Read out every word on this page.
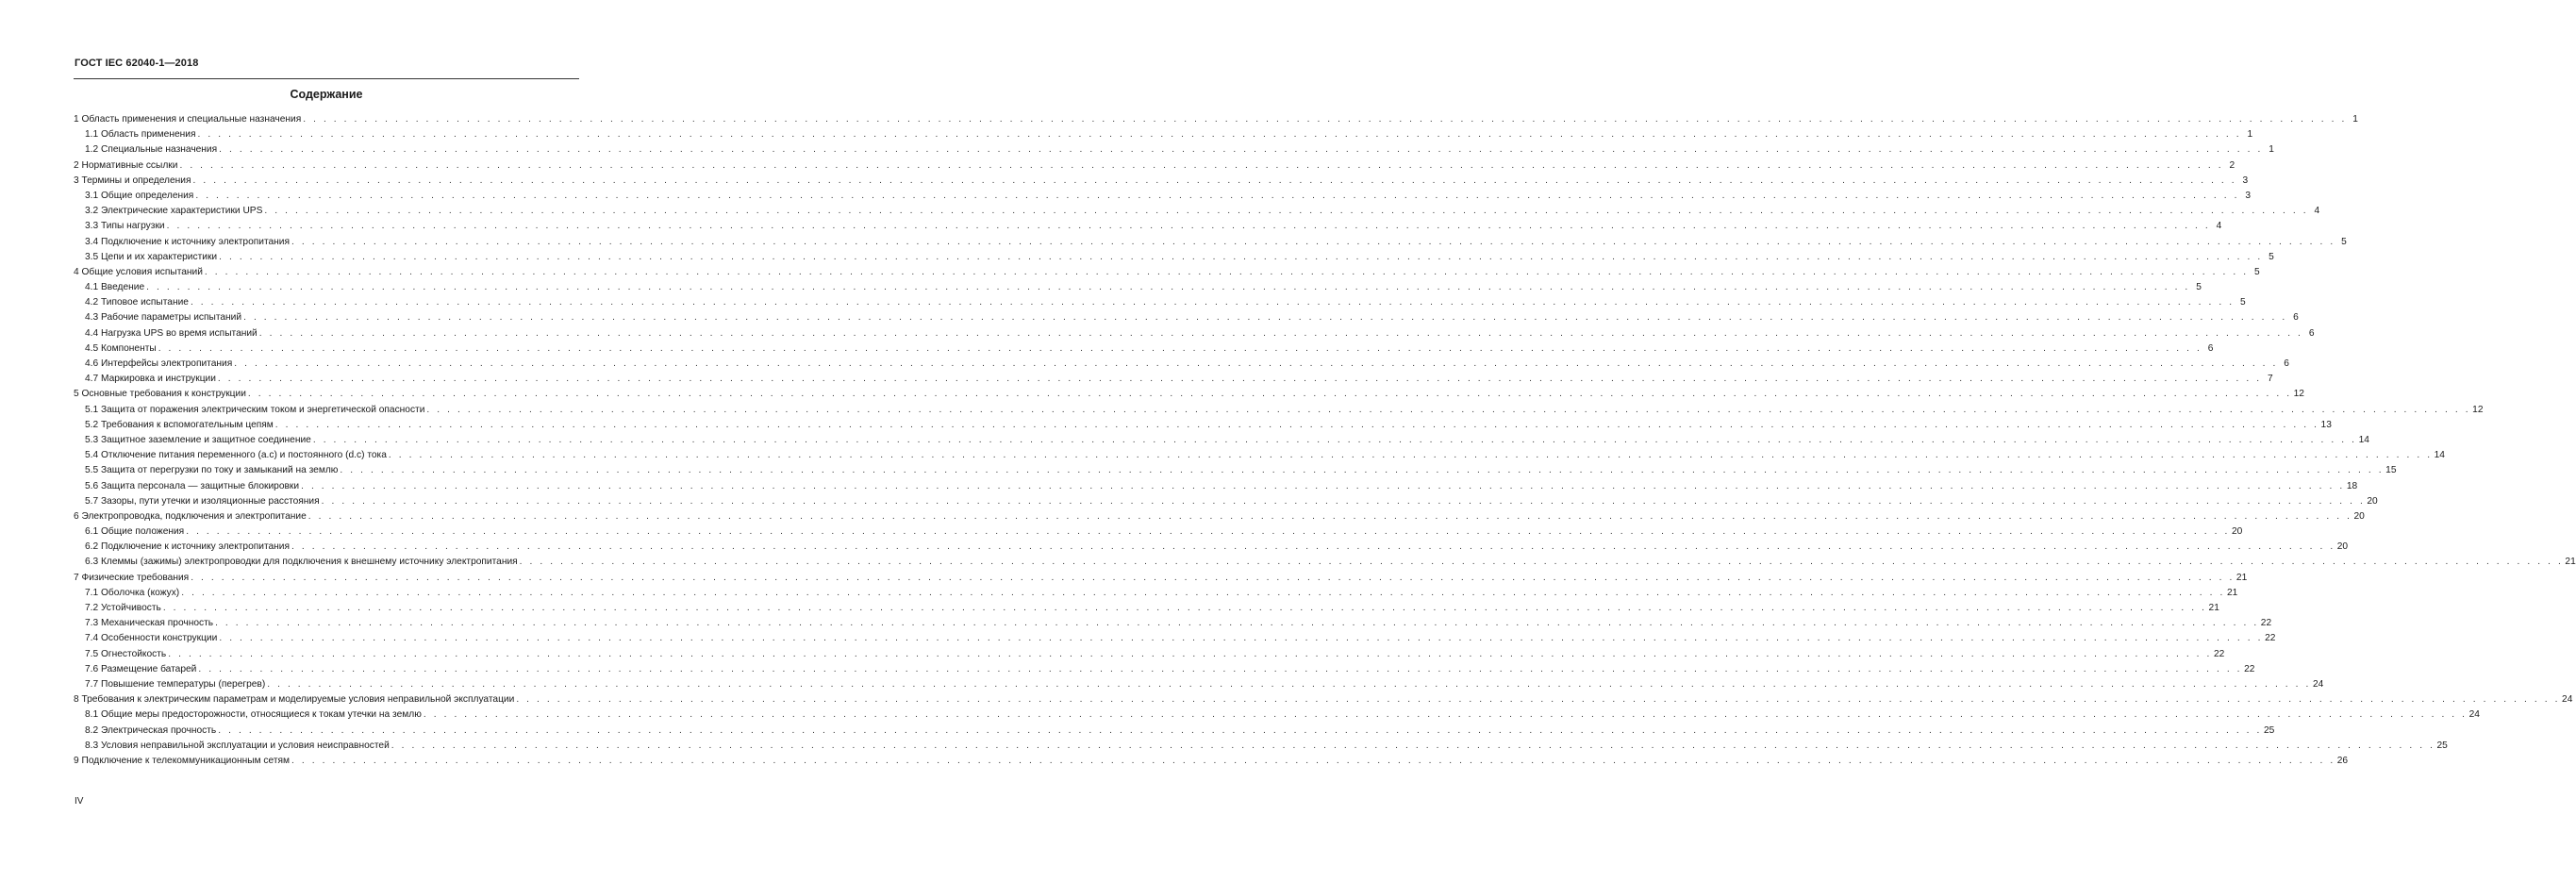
ГОСТ IEC 62040-1—2018
Содержание
1 Область применения и специальные назначения . . . . . . . . . . . . . . . . . . . . . . . . . . . . . . . . . . . . . . . . . . . . . . . . . . . . . . . . . . . . . . . . . . . . . . . . . . . . . . . . . . . . . . . . . . . . . . . . . . . . . . . . . . . . . . . . . . . . . . . . . . . . . . . . . . . . . . . . . . . . . . . . . . . . . . . . . . . . . . . . . . . . . . . . . . . . . . . . . . . . . . . . . . . . . . . . . . . . . . . . 1
1.1 Область применения . . . . . . . . . . . . . . . . . . . . . . . . . . . . . . . . . . . . . . . . . . . . . . . . . . . . . . . . . . . . . . . . . . . . . . . . . . . . . . . . . . . . . . . . . . . . . . . . . . . . . . . . . . . . . . . . . . . . . . . . . . . . . . . . . . . . . . . . . . . . . . . . . . . . . . . . . . . . . . . . . . . . . . . . . . . . . . . . . . . . . . . . . . . . . . . . . . . . . . . . 1
1.2 Специальные назначения . . . . . . . . . . . . . . . . . . . . . . . . . . . . . . . . . . . . . . . . . . . . . . . . . . . . . . . . . . . . . . . . . . . . . . . . . . . . . . . . . . . . . . . . . . . . . . . . . . . . . . . . . . . . . . . . . . . . . . . . . . . . . . . . . . . . . . . . . . . . . . . . . . . . . . . . . . . . . . . . . . . . . . . . . . . . . . . . . . . . . . . . . . . . . . . . . . . . . . . . 1
2 Нормативные ссылки . . . . . . . . . . . . . . . . . . . . . . . . . . . . . . . . . . . . . . . . . . . . . . . . . . . . . . . . . . . . . . . . . . . . . . . . . . . . . . . . . . . . . . . . . . . . . . . . . . . . . . . . . . . . . . . . . . . . . . . . . . . . . . . . . . . . . . . . . . . . . . . . . . . . . . . . . . . . . . . . . . . . . . . . . . . . . . . . . . . . . . . . . . . . . . . . . . . . . . . . 2
3 Термины и определения . . . . . . . . . . . . . . . . . . . . . . . . . . . . . . . . . . . . . . . . . . . . . . . . . . . . . . . . . . . . . . . . . . . . . . . . . . . . . . . . . . . . . . . . . . . . . . . . . . . . . . . . . . . . . . . . . . . . . . . . . . . . . . . . . . . . . . . . . . . . . . . . . . . . . . . . . . . . . . . . . . . . . . . . . . . . . . . . . . . . . . . . . . . . . . . . . . . . . . . . 3
3.1 Общие определения . . . . . . . . . . . . . . . . . . . . . . . . . . . . . . . . . . . . . . . . . . . . . . . . . . . . . . . . . . . . . . . . . . . . . . . . . . . . . . . . . . . . . . . . . . . . . . . . . . . . . . . . . . . . . . . . . . . . . . . . . . . . . . . . . . . . . . . . . . . . . . . . . . . . . . . . . . . . . . . . . . . . . . . . . . . . . . . . . . . . . . . . . . . . . . . . . . . . . . . . 3
3.2 Электрические характеристики UPS . . . . . . . . . . . . . . . . . . . . . . . . . . . . . . . . . . . . . . . . . . . . . . . . . . . . . . . . . . . . . . . . . . . . . . . . . . . . . . . . . . . . . . . . . . . . . . . . . . . . . . . . . . . . . . . . . . . . . . . . . . . . . . . . . . . . . . . . . . . . . . . . . . . . . . . . . . . . . . . . . . . . . . . . . . . . . . . . . . . . . . . . . . . . . . . . . . . . . . . . 4
3.3 Типы нагрузки . . . . . . . . . . . . . . . . . . . . . . . . . . . . . . . . . . . . . . . . . . . . . . . . . . . . . . . . . . . . . . . . . . . . . . . . . . . . . . . . . . . . . . . . . . . . . . . . . . . . . . . . . . . . . . . . . . . . . . . . . . . . . . . . . . . . . . . . . . . . . . . . . . . . . . . . . . . . . . . . . . . . . . . . . . . . . . . . . . . . . . . . . . . . . . . . . . . . . . . . 4
3.4 Подключение к источнику электропитания . . . . . . . . . . . . . . . . . . . . . . . . . . . . . . . . . . . . . . . . . . . . . . . . . . . . . . . . . . . . . . . . . . . . . . . . . . . . . . . . . . . . . . . . . . . . . . . . . . . . . . . . . . . . . . . . . . . . . . . . . . . . . . . . . . . . . . . . . . . . . . . . . . . . . . . . . . . . . . . . . . . . . . . . . . . . . . . . . . . . . . . . . . . . . . . . . . . . . . . . 5
3.5 Цепи и их характеристики . . . . . . . . . . . . . . . . . . . . . . . . . . . . . . . . . . . . . . . . . . . . . . . . . . . . . . . . . . . . . . . . . . . . . . . . . . . . . . . . . . . . . . . . . . . . . . . . . . . . . . . . . . . . . . . . . . . . . . . . . . . . . . . . . . . . . . . . . . . . . . . . . . . . . . . . . . . . . . . . . . . . . . . . . . . . . . . . . . . . . . . . . . . . . . . . . . . . . . . . 5
4 Общие условия испытаний . . . . . . . . . . . . . . . . . . . . . . . . . . . . . . . . . . . . . . . . . . . . . . . . . . . . . . . . . . . . . . . . . . . . . . . . . . . . . . . . . . . . . . . . . . . . . . . . . . . . . . . . . . . . . . . . . . . . . . . . . . . . . . . . . . . . . . . . . . . . . . . . . . . . . . . . . . . . . . . . . . . . . . . . . . . . . . . . . . . . . . . . . . . . . . . . . . . . . . . . 5
4.1 Введение . . . . . . . . . . . . . . . . . . . . . . . . . . . . . . . . . . . . . . . . . . . . . . . . . . . . . . . . . . . . . . . . . . . . . . . . . . . . . . . . . . . . . . . . . . . . . . . . . . . . . . . . . . . . . . . . . . . . . . . . . . . . . . . . . . . . . . . . . . . . . . . . . . . . . . . . . . . . . . . . . . . . . . . . . . . . . . . . . . . . . . . . . . . . . . . . . . . . . . . . 5
4.2 Типовое испытание . . . . . . . . . . . . . . . . . . . . . . . . . . . . . . . . . . . . . . . . . . . . . . . . . . . . . . . . . . . . . . . . . . . . . . . . . . . . . . . . . . . . . . . . . . . . . . . . . . . . . . . . . . . . . . . . . . . . . . . . . . . . . . . . . . . . . . . . . . . . . . . . . . . . . . . . . . . . . . . . . . . . . . . . . . . . . . . . . . . . . . . . . . . . . . . . . . . . . . . . 5
4.3 Рабочие параметры испытаний . . . . . . . . . . . . . . . . . . . . . . . . . . . . . . . . . . . . . . . . . . . . . . . . . . . . . . . . . . . . . . . . . . . . . . . . . . . . . . . . . . . . . . . . . . . . . . . . . . . . . . . . . . . . . . . . . . . . . . . . . . . . . . . . . . . . . . . . . . . . . . . . . . . . . . . . . . . . . . . . . . . . . . . . . . . . . . . . . . . . . . . . . . . . . . . . . . . . . . . . 6
4.4 Нагрузка UPS во время испытаний . . . . . . . . . . . . . . . . . . . . . . . . . . . . . . . . . . . . . . . . . . . . . . . . . . . . . . . . . . . . . . . . . . . . . . . . . . . . . . . . . . . . . . . . . . . . . . . . . . . . . . . . . . . . . . . . . . . . . . . . . . . . . . . . . . . . . . . . . . . . . . . . . . . . . . . . . . . . . . . . . . . . . . . . . . . . . . . . . . . . . . . . . . . . . . . . . . . . . . . . 6
4.5 Компоненты . . . . . . . . . . . . . . . . . . . . . . . . . . . . . . . . . . . . . . . . . . . . . . . . . . . . . . . . . . . . . . . . . . . . . . . . . . . . . . . . . . . . . . . . . . . . . . . . . . . . . . . . . . . . . . . . . . . . . . . . . . . . . . . . . . . . . . . . . . . . . . . . . . . . . . . . . . . . . . . . . . . . . . . . . . . . . . . . . . . . . . . . . . . . . . . . . . . . . . . . 6
4.6 Интерфейсы электропитания . . . . . . . . . . . . . . . . . . . . . . . . . . . . . . . . . . . . . . . . . . . . . . . . . . . . . . . . . . . . . . . . . . . . . . . . . . . . . . . . . . . . . . . . . . . . . . . . . . . . . . . . . . . . . . . . . . . . . . . . . . . . . . . . . . . . . . . . . . . . . . . . . . . . . . . . . . . . . . . . . . . . . . . . . . . . . . . . . . . . . . . . . . . . . . . . . . . . . . . . 6
4.7 Маркировка и инструкции . . . . . . . . . . . . . . . . . . . . . . . . . . . . . . . . . . . . . . . . . . . . . . . . . . . . . . . . . . . . . . . . . . . . . . . . . . . . . . . . . . . . . . . . . . . . . . . . . . . . . . . . . . . . . . . . . . . . . . . . . . . . . . . . . . . . . . . . . . . . . . . . . . . . . . . . . . . . . . . . . . . . . . . . . . . . . . . . . . . . . . . . . . . . . . . . . . . . . . . . 7
5 Основные требования к конструкции . . . . . . . . . . . . . . . . . . . . . . . . . . . . . . . . . . . . . . . . . . . . . . . . . . . . . . . . . . . . . . . . . . . . . . . . . . . . . . . . . . . . . . . . . . . . . . . . . . . . . . . . . . . . . . . . . . . . . . . . . . . . . . . . . . . . . . . . . . . . . . . . . . . . . . . . . . . . . . . . . . . . . . . . . . . . . . . . . . . . . . . . . . . . . . . . . . . . . . . . 12
5.1 Защита от поражения электрическим током и энергетической опасности . . . . . . . . . . . . . . . . . . . . . . . . . . . . . . . . . . . . . . . . . . . . . . . . . . . . . . . . . . . . . . . . . . . . . . . . . . . . . . . . . . . . . . . . . . . . . . . . . . . . . . . . . . . . . . . . . . . . . . . . . . . . . . . . . . . . . . . . . . . . . . . . . . . . . . . . . . . . . . . . . . . . . . . . . . . . . . . . . . . . . . . . . . . . . . . . . . . . . . . . 12
5.2 Требования к вспомогательным цепям . . . . . . . . . . . . . . . . . . . . . . . . . . . . . . . . . . . . . . . . . . . . . . . . . . . . . . . . . . . . . . . . . . . . . . . . . . . . . . . . . . . . . . . . . . . . . . . . . . . . . . . . . . . . . . . . . . . . . . . . . . . . . . . . . . . . . . . . . . . . . . . . . . . . . . . . . . . . . . . . . . . . . . . . . . . . . . . . . . . . . . . . . . . . . . . . . . . . . . . . 13
5.3 Защитное заземление и защитное соединение . . . . . . . . . . . . . . . . . . . . . . . . . . . . . . . . . . . . . . . . . . . . . . . . . . . . . . . . . . . . . . . . . . . . . . . . . . . . . . . . . . . . . . . . . . . . . . . . . . . . . . . . . . . . . . . . . . . . . . . . . . . . . . . . . . . . . . . . . . . . . . . . . . . . . . . . . . . . . . . . . . . . . . . . . . . . . . . . . . . . . . . . . . . . . . . . . . . . . . . . 14
5.4 Отключение питания переменного (а.с) и постоянного (d.c) тока . . . . . . . . . . . . . . . . . . . . . . . . . . . . . . . . . . . . . . . . . . . . . . . . . . . . . . . . . . . . . . . . . . . . . . . . . . . . . . . . . . . . . . . . . . . . . . . . . . . . . . . . . . . . . . . . . . . . . . . . . . . . . . . . . . . . . . . . . . . . . . . . . . . . . . . . . . . . . . . . . . . . . . . . . . . . . . . . . . . . . . . . . . . . . . . . . . . . . . . . 14
5.5 Защита от перегрузки по току и замыканий на землю . . . . . . . . . . . . . . . . . . . . . . . . . . . . . . . . . . . . . . . . . . . . . . . . . . . . . . . . . . . . . . . . . . . . . . . . . . . . . . . . . . . . . . . . . . . . . . . . . . . . . . . . . . . . . . . . . . . . . . . . . . . . . . . . . . . . . . . . . . . . . . . . . . . . . . . . . . . . . . . . . . . . . . . . . . . . . . . . . . . . . . . . . . . . . . . . . . . . . . . . 15
5.6 Защита персонала — защитные блокировки . . . . . . . . . . . . . . . . . . . . . . . . . . . . . . . . . . . . . . . . . . . . . . . . . . . . . . . . . . . . . . . . . . . . . . . . . . . . . . . . . . . . . . . . . . . . . . . . . . . . . . . . . . . . . . . . . . . . . . . . . . . . . . . . . . . . . . . . . . . . . . . . . . . . . . . . . . . . . . . . . . . . . . . . . . . . . . . . . . . . . . . . . . . . . . . . . . . . . . . . 18
5.7 Зазоры, пути утечки и изоляционные расстояния . . . . . . . . . . . . . . . . . . . . . . . . . . . . . . . . . . . . . . . . . . . . . . . . . . . . . . . . . . . . . . . . . . . . . . . . . . . . . . . . . . . . . . . . . . . . . . . . . . . . . . . . . . . . . . . . . . . . . . . . . . . . . . . . . . . . . . . . . . . . . . . . . . . . . . . . . . . . . . . . . . . . . . . . . . . . . . . . . . . . . . . . . . . . . . . . . . . . . . . . 20
6 Электропроводка, подключения и электропитание . . . . . . . . . . . . . . . . . . . . . . . . . . . . . . . . . . . . . . . . . . . . . . . . . . . . . . . . . . . . . . . . . . . . . . . . . . . . . . . . . . . . . . . . . . . . . . . . . . . . . . . . . . . . . . . . . . . . . . . . . . . . . . . . . . . . . . . . . . . . . . . . . . . . . . . . . . . . . . . . . . . . . . . . . . . . . . . . . . . . . . . . . . . . . . . . . . . . . . . . 20
6.1 Общие положения . . . . . . . . . . . . . . . . . . . . . . . . . . . . . . . . . . . . . . . . . . . . . . . . . . . . . . . . . . . . . . . . . . . . . . . . . . . . . . . . . . . . . . . . . . . . . . . . . . . . . . . . . . . . . . . . . . . . . . . . . . . . . . . . . . . . . . . . . . . . . . . . . . . . . . . . . . . . . . . . . . . . . . . . . . . . . . . . . . . . . . . . . . . . . . . . . . . . . . . . 20
6.2 Подключение к источнику электропитания . . . . . . . . . . . . . . . . . . . . . . . . . . . . . . . . . . . . . . . . . . . . . . . . . . . . . . . . . . . . . . . . . . . . . . . . . . . . . . . . . . . . . . . . . . . . . . . . . . . . . . . . . . . . . . . . . . . . . . . . . . . . . . . . . . . . . . . . . . . . . . . . . . . . . . . . . . . . . . . . . . . . . . . . . . . . . . . . . . . . . . . . . . . . . . . . . . . . . . . . 20
6.3 Клеммы (зажимы) электропроводки для подключения к внешнему источнику электропитания . . . . . . . . . . . . . . . . . . . . . . . . . . . . . . . . . . . . . . . . . . . . . . . . . . . . . . . . . . . . . . . . . . . . . . . . . . . . . . . . . . . . . . . . . . . . . . . . . . . . . . . . . . . . . . . . . . . . . . . . . . . . . . . . . . . . . . . . . . . . . . . . . . . . . . . . . . . . . . . . . . . . . . . . . . . . . . . . . . . . . . . . . . . . . . . . . . . . . . . . 21
7 Физические требования . . . . . . . . . . . . . . . . . . . . . . . . . . . . . . . . . . . . . . . . . . . . . . . . . . . . . . . . . . . . . . . . . . . . . . . . . . . . . . . . . . . . . . . . . . . . . . . . . . . . . . . . . . . . . . . . . . . . . . . . . . . . . . . . . . . . . . . . . . . . . . . . . . . . . . . . . . . . . . . . . . . . . . . . . . . . . . . . . . . . . . . . . . . . . . . . . . . . . . . . 21
7.1 Оболочка (кожух) . . . . . . . . . . . . . . . . . . . . . . . . . . . . . . . . . . . . . . . . . . . . . . . . . . . . . . . . . . . . . . . . . . . . . . . . . . . . . . . . . . . . . . . . . . . . . . . . . . . . . . . . . . . . . . . . . . . . . . . . . . . . . . . . . . . . . . . . . . . . . . . . . . . . . . . . . . . . . . . . . . . . . . . . . . . . . . . . . . . . . . . . . . . . . . . . . . . . . . . . 21
7.2 Устойчивость . . . . . . . . . . . . . . . . . . . . . . . . . . . . . . . . . . . . . . . . . . . . . . . . . . . . . . . . . . . . . . . . . . . . . . . . . . . . . . . . . . . . . . . . . . . . . . . . . . . . . . . . . . . . . . . . . . . . . . . . . . . . . . . . . . . . . . . . . . . . . . . . . . . . . . . . . . . . . . . . . . . . . . . . . . . . . . . . . . . . . . . . . . . . . . . . . . . . . . . . 21
7.3 Механическая прочность . . . . . . . . . . . . . . . . . . . . . . . . . . . . . . . . . . . . . . . . . . . . . . . . . . . . . . . . . . . . . . . . . . . . . . . . . . . . . . . . . . . . . . . . . . . . . . . . . . . . . . . . . . . . . . . . . . . . . . . . . . . . . . . . . . . . . . . . . . . . . . . . . . . . . . . . . . . . . . . . . . . . . . . . . . . . . . . . . . . . . . . . . . . . . . . . . . . . . . . . 22
7.4 Особенности конструкции . . . . . . . . . . . . . . . . . . . . . . . . . . . . . . . . . . . . . . . . . . . . . . . . . . . . . . . . . . . . . . . . . . . . . . . . . . . . . . . . . . . . . . . . . . . . . . . . . . . . . . . . . . . . . . . . . . . . . . . . . . . . . . . . . . . . . . . . . . . . . . . . . . . . . . . . . . . . . . . . . . . . . . . . . . . . . . . . . . . . . . . . . . . . . . . . . . . . . . . . 22
7.5 Огнестойкость . . . . . . . . . . . . . . . . . . . . . . . . . . . . . . . . . . . . . . . . . . . . . . . . . . . . . . . . . . . . . . . . . . . . . . . . . . . . . . . . . . . . . . . . . . . . . . . . . . . . . . . . . . . . . . . . . . . . . . . . . . . . . . . . . . . . . . . . . . . . . . . . . . . . . . . . . . . . . . . . . . . . . . . . . . . . . . . . . . . . . . . . . . . . . . . . . . . . . . . . 22
7.6 Размещение батарей . . . . . . . . . . . . . . . . . . . . . . . . . . . . . . . . . . . . . . . . . . . . . . . . . . . . . . . . . . . . . . . . . . . . . . . . . . . . . . . . . . . . . . . . . . . . . . . . . . . . . . . . . . . . . . . . . . . . . . . . . . . . . . . . . . . . . . . . . . . . . . . . . . . . . . . . . . . . . . . . . . . . . . . . . . . . . . . . . . . . . . . . . . . . . . . . . . . . . . . . 22
7.7 Повышение температуры (перегрев) . . . . . . . . . . . . . . . . . . . . . . . . . . . . . . . . . . . . . . . . . . . . . . . . . . . . . . . . . . . . . . . . . . . . . . . . . . . . . . . . . . . . . . . . . . . . . . . . . . . . . . . . . . . . . . . . . . . . . . . . . . . . . . . . . . . . . . . . . . . . . . . . . . . . . . . . . . . . . . . . . . . . . . . . . . . . . . . . . . . . . . . . . . . . . . . . . . . . . . . . 24
8 Требования к электрическим параметрам и моделируемые условия неправильной эксплуатации . . . . . . . . . . . . . . . . . . . . . . . . . . . . . . . . . . . . . . . . . . . . . . . . . . . . . . . . . . . . . . . . . . . . . . . . . . . . . . . . . . . . . . . . . . . . . . . . . . . . . . . . . . . . . . . . . . . . . . . . . . . . . . . . . . . . . . . . . . . . . . . . . . . . . . . . . . . . . . . . . . . . . . . . . . . . . . . . . . . . . . . . . . . . . . . . . . . . . . . . 24
8.1 Общие меры предосторожности, относящиеся к токам утечки на землю . . . . . . . . . . . . . . . . . . . . . . . . . . . . . . . . . . . . . . . . . . . . . . . . . . . . . . . . . . . . . . . . . . . . . . . . . . . . . . . . . . . . . . . . . . . . . . . . . . . . . . . . . . . . . . . . . . . . . . . . . . . . . . . . . . . . . . . . . . . . . . . . . . . . . . . . . . . . . . . . . . . . . . . . . . . . . . . . . . . . . . . . . . . . . . . . . . . . . . . . 24
8.2 Электрическая прочность . . . . . . . . . . . . . . . . . . . . . . . . . . . . . . . . . . . . . . . . . . . . . . . . . . . . . . . . . . . . . . . . . . . . . . . . . . . . . . . . . . . . . . . . . . . . . . . . . . . . . . . . . . . . . . . . . . . . . . . . . . . . . . . . . . . . . . . . . . . . . . . . . . . . . . . . . . . . . . . . . . . . . . . . . . . . . . . . . . . . . . . . . . . . . . . . . . . . . . . . 25
8.3 Условия неправильной эксплуатации и условия неисправностей . . . . . . . . . . . . . . . . . . . . . . . . . . . . . . . . . . . . . . . . . . . . . . . . . . . . . . . . . . . . . . . . . . . . . . . . . . . . . . . . . . . . . . . . . . . . . . . . . . . . . . . . . . . . . . . . . . . . . . . . . . . . . . . . . . . . . . . . . . . . . . . . . . . . . . . . . . . . . . . . . . . . . . . . . . . . . . . . . . . . . . . . . . . . . . . . . . . . . . . . 25
9 Подключение к телекоммуникационным сетям . . . . . . . . . . . . . . . . . . . . . . . . . . . . . . . . . . . . . . . . . . . . . . . . . . . . . . . . . . . . . . . . . . . . . . . . . . . . . . . . . . . . . . . . . . . . . . . . . . . . . . . . . . . . . . . . . . . . . . . . . . . . . . . . . . . . . . . . . . . . . . . . . . . . . . . . . . . . . . . . . . . . . . . . . . . . . . . . . . . . . . . . . . . . . . . . . . . . . . . . 26
IV
